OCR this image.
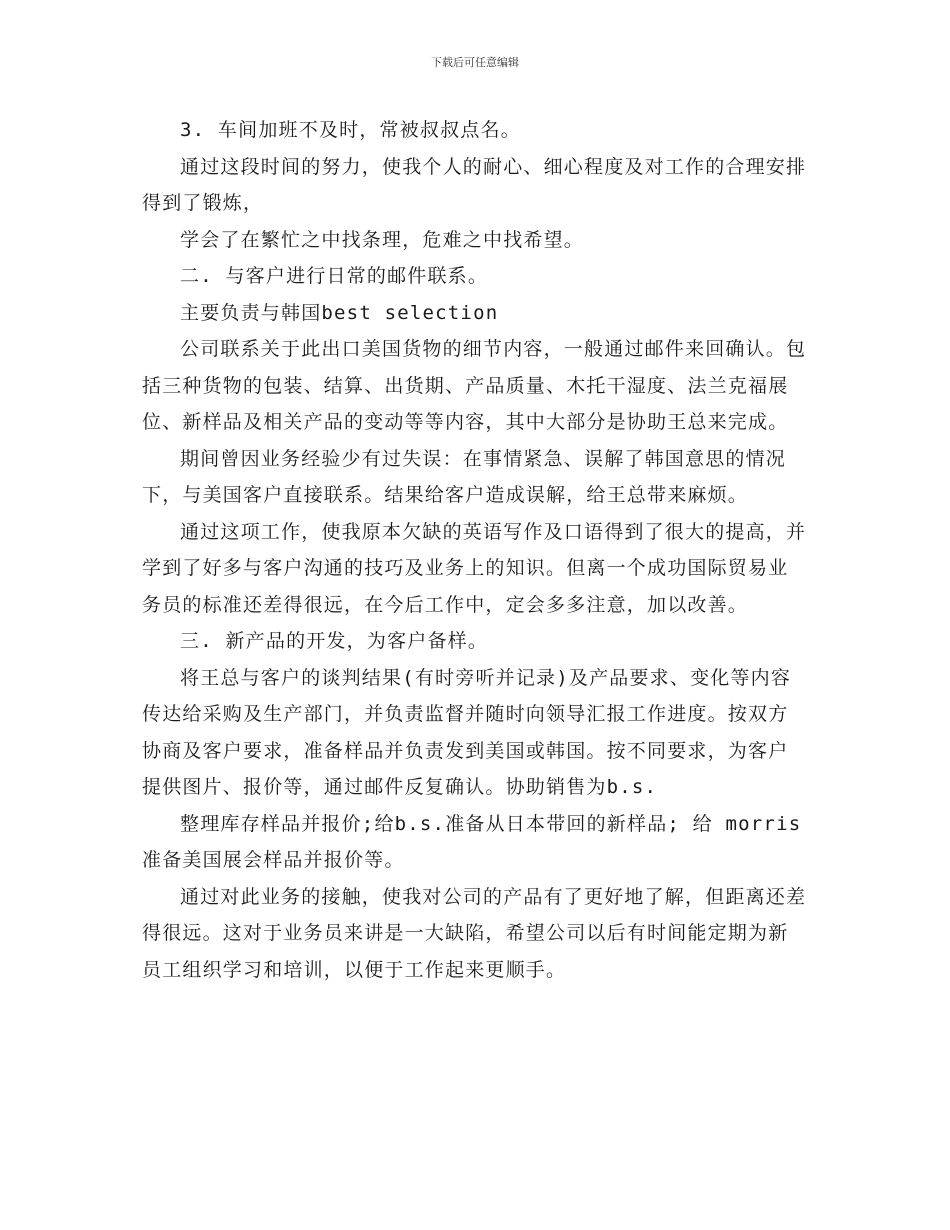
下载后可任意编辑

3. 车间加班不及时，常被叔叔点名。

通过这段时间的努力，使我个人的耐心、细心程度及对工作的合理安排得到了锻炼，

学会了在繁忙之中找条理，危难之中找希望。

二. 与客户进行日常的邮件联系。

主要负责与韩国best selection

公司联系关于此出口美国货物的细节内容，一般通过邮件来回确认。包括三种货物的包装、结算、出货期、产品质量、木托干湿度、法兰克福展位、新样品及相关产品的变动等等内容，其中大部分是协助王总来完成。

期间曾因业务经验少有过失误：在事情紧急、误解了韩国意思的情况下，与美国客户直接联系。结果给客户造成误解，给王总带来麻烦。

通过这项工作，使我原本欠缺的英语写作及口语得到了很大的提高，并学到了好多与客户沟通的技巧及业务上的知识。但离一个成功国际贸易业务员的标准还差得很远，在今后工作中，定会多多注意，加以改善。

三. 新产品的开发，为客户备样。

将王总与客户的谈判结果(有时旁听并记录)及产品要求、变化等内容传达给采购及生产部门，并负责监督并随时向领导汇报工作进度。按双方协商及客户要求，准备样品并负责发到美国或韩国。按不同要求，为客户提供图片、报价等，通过邮件反复确认。协助销售为b.s.

整理库存样品并报价;给b.s.准备从日本带回的新样品; 给 morris 准备美国展会样品并报价等。

通过对此业务的接触，使我对公司的产品有了更好地了解，但距离还差得很远。这对于业务员来讲是一大缺陷，希望公司以后有时间能定期为新员工组织学习和培训，以便于工作起来更顺手。
